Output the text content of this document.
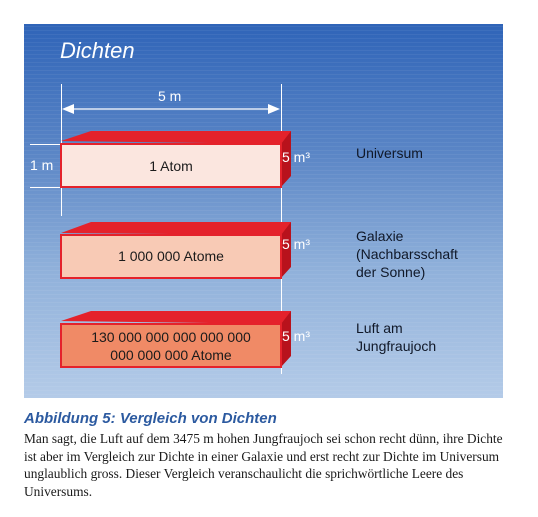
Dichten
5 m
1 m	1 Atom
5 m³	Universum
1 000 000 Atome
5 m³	Galaxie
(Nachbarsschaft
der Sonne)
130 000 000 000 000 000
000 000 000 Atome
5 m³	Luft am
Jungfraujoch
Abbildung 5: Vergleich von Dichten
Man sagt, die Luft auf dem 3475 m hohen Jungfraujoch sei schon recht dünn, ihre Dichte ist aber im Vergleich zur Dichte in einer Galaxie und erst recht zur Dichte im Universum unglaublich gross. Dieser Vergleich veranschaulicht die sprichwörtliche Leere des Universums.
